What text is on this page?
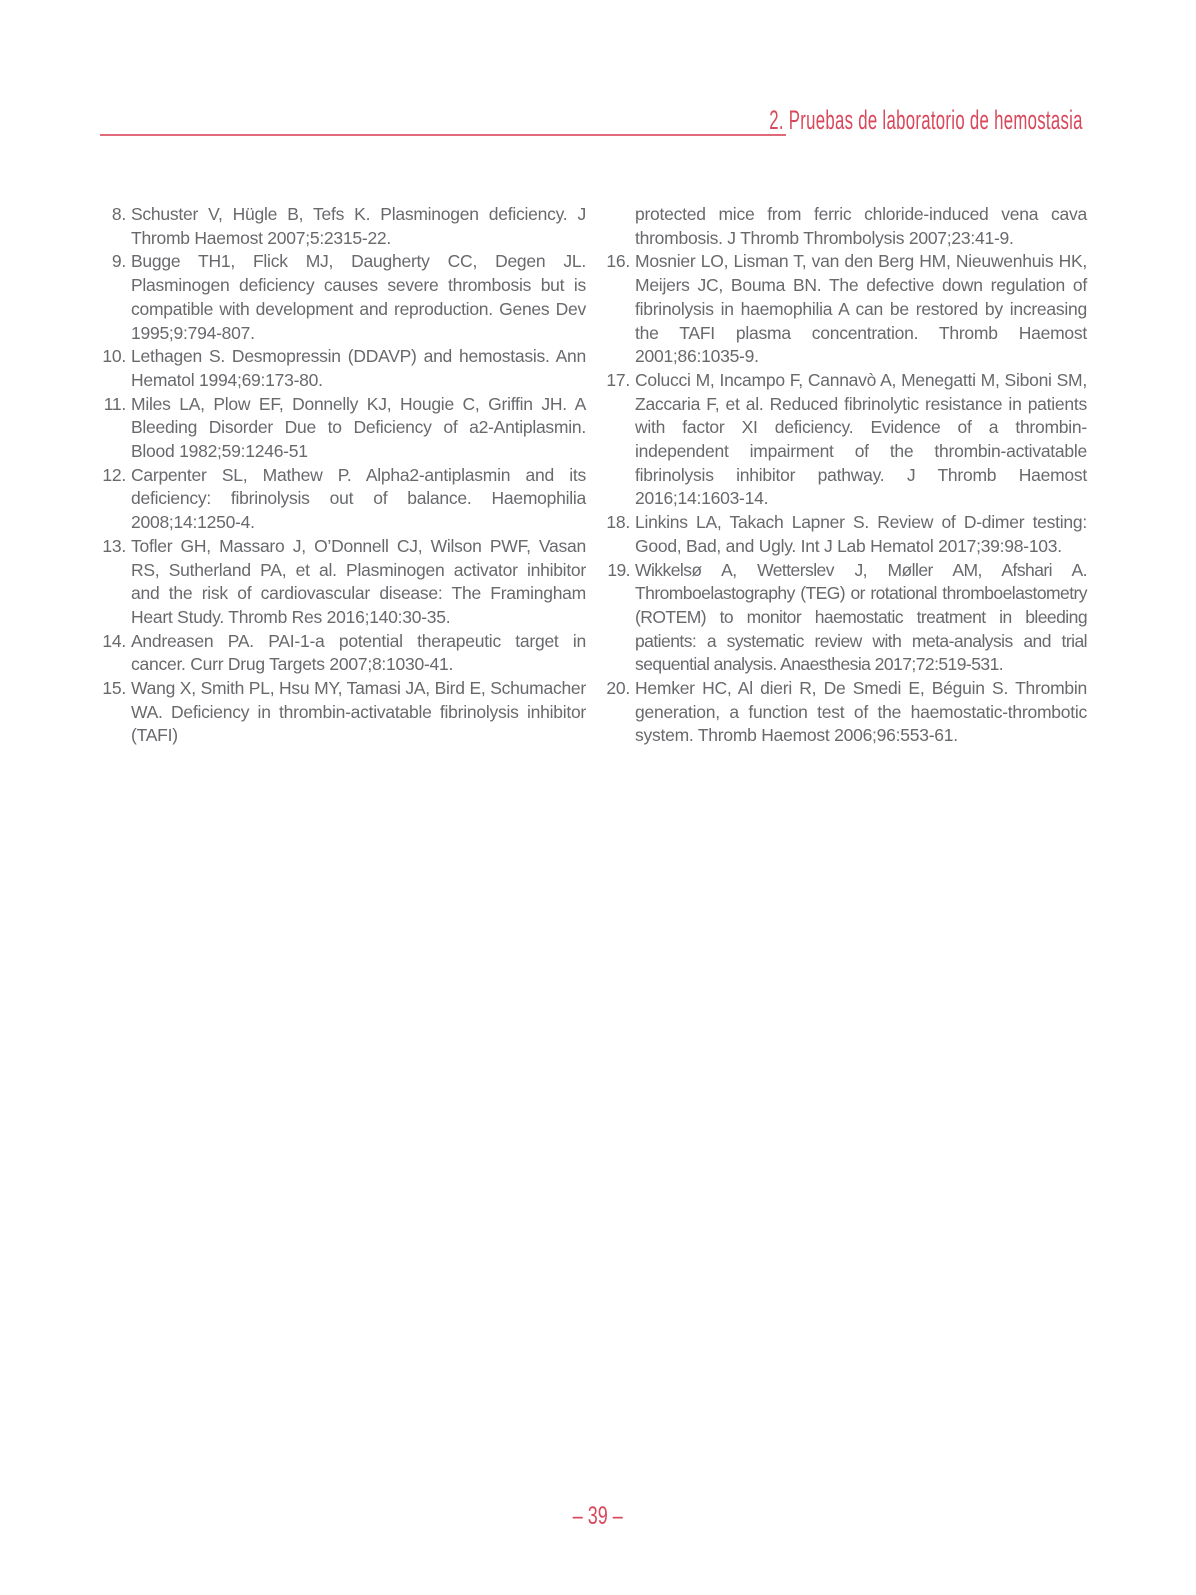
2. Pruebas de laboratorio de hemostasia
8. Schuster V, Hügle B, Tefs K. Plasminogen deficiency. J Thromb Haemost 2007;5:2315-22.
9. Bugge TH1, Flick MJ, Daugherty CC, Degen JL. Plasminogen deficiency causes severe thrombosis but is compatible with development and reproduction. Genes Dev 1995;9:794-807.
10. Lethagen S. Desmopressin (DDAVP) and hemostasis. Ann Hematol 1994;69:173-80.
11. Miles LA, Plow EF, Donnelly KJ, Hougie C, Griffin JH. A Bleeding Disorder Due to Deficiency of a2-Antiplasmin. Blood 1982;59:1246-51
12. Carpenter SL, Mathew P. Alpha2-antiplasmin and its deficiency: fibrinolysis out of balance. Haemophilia 2008;14:1250-4.
13. Tofler GH, Massaro J, O’Donnell CJ, Wilson PWF, Vasan RS, Sutherland PA, et al. Plasminogen activator inhibitor and the risk of cardiovascular disease: The Framingham Heart Study. Thromb Res 2016;140:30-35.
14. Andreasen PA. PAI-1-a potential therapeutic target in cancer. Curr Drug Targets 2007;8:1030-41.
15. Wang X, Smith PL, Hsu MY, Tamasi JA, Bird E, Schumacher WA. Deficiency in thrombin-activatable fibrinolysis inhibitor (TAFI)
protected mice from ferric chloride-induced vena cava thrombosis. J Thromb Thrombolysis 2007;23:41-9.
16. Mosnier LO, Lisman T, van den Berg HM, Nieuwenhuis HK, Meijers JC, Bouma BN. The defective down regulation of fibrinolysis in haemophilia A can be restored by increasing the TAFI plasma concentration. Thromb Haemost 2001;86:1035-9.
17. Colucci M, Incampo F, Cannavò A, Menegatti M, Siboni SM, Zaccaria F, et al. Reduced fibrinolytic resistance in patients with factor XI deficiency. Evidence of a thrombin-independent impairment of the thrombin-activatable fibrinolysis inhibitor pathway. J Thromb Haemost 2016;14:1603-14.
18. Linkins LA, Takach Lapner S. Review of D-dimer testing: Good, Bad, and Ugly. Int J Lab Hematol 2017;39:98-103.
19. Wikkelsø A, Wetterslev J, Møller AM, Afshari A. Thromboelastography (TEG) or rotational thromboelastometry (ROTEM) to monitor haemostatic treatment in bleeding patients: a systematic review with meta-analysis and trial sequential analysis. Anaesthesia 2017;72:519-531.
20. Hemker HC, Al dieri R, De Smedi E, Béguin S. Thrombin generation, a function test of the haemostatic-thrombotic system. Thromb Haemost 2006;96:553-61.
– 39 –
